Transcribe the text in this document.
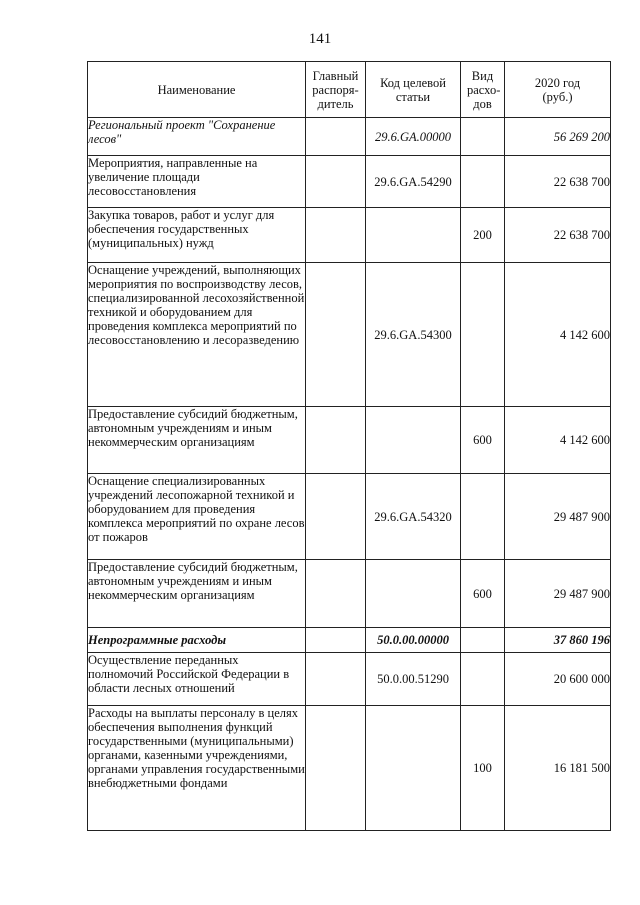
141
Наименование	Главный распоря-дитель	Код целевой статьи	Вид расхо-дов	2020 год (руб.)
Региональный проект "Сохранение лесов"		29.6.GA.00000		56 269 200
Мероприятия, направленные на увеличение площади лесовосстановления		29.6.GA.54290		22 638 700
Закупка товаров, работ и услуг для обеспечения государственных (муниципальных) нужд			200	22 638 700
Оснащение учреждений, выполняющих мероприятия по воспроизводству лесов, специализированной лесохозяйственной техникой и оборудованием для проведения комплекса мероприятий по лесовосстановлению и лесоразведению		29.6.GA.54300		4 142 600
Предоставление субсидий бюджетным, автономным учреждениям и иным некоммерческим организациям			600	4 142 600
Оснащение специализированных учреждений лесопожарной техникой и оборудованием для проведения комплекса мероприятий по охране лесов от пожаров		29.6.GA.54320		29 487 900
Предоставление субсидий бюджетным, автономным учреждениям и иным некоммерческим организациям			600	29 487 900
Непрограммные расходы		50.0.00.00000		37 860 196
Осуществление переданных полномочий Российской Федерации в области лесных отношений		50.0.00.51290		20 600 000
Расходы на выплаты персоналу в целях обеспечения выполнения функций государственными (муниципальными) органами, казенными учреждениями, органами управления государственными внебюджетными фондами			100	16 181 500
